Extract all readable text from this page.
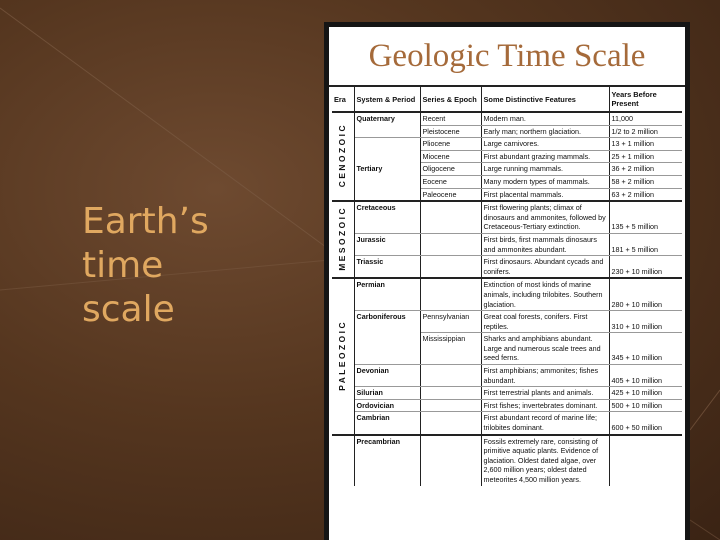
Earth’s
time
scale
Geologic Time Scale
Era	System & Period	Series & Epoch	Some Distinctive Features	Years Before Present
CENOZOIC	Quaternary	Recent	Modern man.	11,000
		Pleistocene	Early man; northern glaciation.	1/2 to 2 million
		Pliocene	Large carnivores.	13 + 1 million
		Miocene	First abundant grazing mammals.	25 + 1 million
	Tertiary	Oligocene	Large running mammals.	36 + 2 million
		Eocene	Many modern types of mammals.	58 + 2 million
		Paleocene	First placental mammals.	63 + 2 million
MESOZOIC	Cretaceous		First flowering plants; climax of dinosaurs and ammonites, followed by Cretaceous-Tertiary extinction.	135 + 5 million
	Jurassic		First birds, first mammals dinosaurs and ammonites abundant.	181 + 5 million
	Triassic		First dinosaurs. Abundant cycads and conifers.	230 + 10 million
PALEOZOIC	Permian		Extinction of most kinds of marine animals, including trilobites. Southern glaciation.	280 + 10 million
	Carboniferous	Pennsylvanian	Great coal forests, conifers. First reptiles.	310 + 10 million
		Mississippian	Sharks and amphibians abundant. Large and numerous scale trees and seed ferns.	345 + 10 million
	Devonian		First amphibians; ammonites; fishes abundant.	405 + 10 million
	Silurian		First terrestrial plants and animals.	425 + 10 million
	Ordovician		First fishes; invertebrates dominant.	500 + 10 million
	Cambrian		First abundant record of marine life; trilobites dominant.	600 + 50 million
	Precambrian		Fossils extremely rare, consisting of primitive aquatic plants. Evidence of glaciation. Oldest dated algae, over 2,600 million years; oldest dated meteorites 4,500 million years.	
